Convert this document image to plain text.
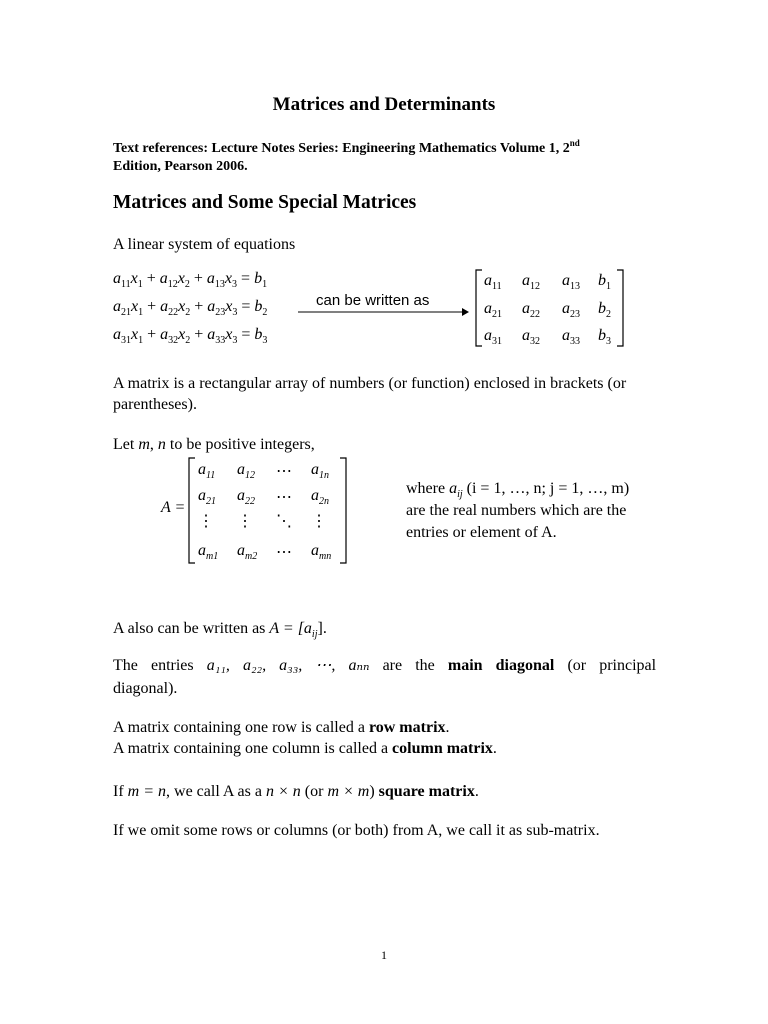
Matrices and Determinants
Text references: Lecture Notes Series: Engineering Mathematics Volume 1, 2nd
Edition, Pearson 2006.
Matrices and Some Special Matrices
A linear system of equations
$a_{11}x_1 + a_{12}x_2 + a_{13}x_3 = b_1$
$a_{21}x_1 + a_{22}x_2 + a_{23}x_3 = b_2$
$a_{31}x_1 + a_{32}x_2 + a_{33}x_3 = b_3$
can be written as
$a_{11}$ $a_{12}$ $a_{13}$ $b_1$
$a_{21}$ $a_{22}$ $a_{23}$ $b_2$
$a_{31}$ $a_{32}$ $a_{33}$ $b_3$
A matrix is a rectangular array of numbers (or function) enclosed in brackets (or parentheses).
Let m, n to be positive integers,
A =
$a_{11}$ $a_{12}$ ⋯ $a_{1n}$
$a_{21}$ $a_{22}$ ⋯ $a_{2n}$
⋮ ⋮ ⋱ ⋮
$a_{m1}$ $a_{m2}$ ⋯ $a_{mn}$
where $a_{ij}$ (i = 1, …, n; j = 1, …, m)
are the real numbers which are the
entries or element of A.
A also can be written as $A = [a_{ij}]$.
The entries a₁₁, a₂₂, a₃₃, ⋯, aₙₙ are the main diagonal (or principal
diagonal).
A matrix containing one row is called a row matrix.
A matrix containing one column is called a column matrix.
If m = n, we call A as a n × n (or m × m) square matrix.
If we omit some rows or columns (or both) from A, we call it as sub-matrix.
1
